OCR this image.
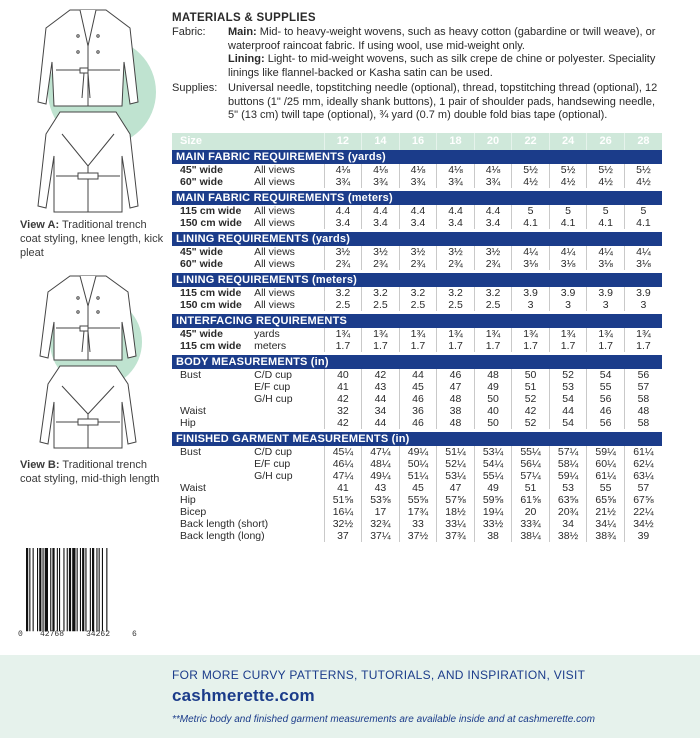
View A: Traditional trench coat styling, knee length, kick pleat
View B: Traditional trench coat styling, mid-thigh length
0 42768	34262	6
MATERIALS & SUPPLIES
Fabric:	Main: Mid- to heavy-weight wovens, such as heavy cotton (gabardine or twill weave), or waterproof raincoat fabric. If using wool, use mid-weight only.
Lining: Light- to mid-weight wovens, such as silk crepe de chine or polyester. Speciality linings like flannel-backed or Kasha satin can be used.
Supplies: Universal needle, topstitching needle (optional), thread, topstitching thread (optional), 12 buttons (1" /25 mm, ideally shank buttons), 1 pair of shoulder pads, handsewing needle, 5" (13 cm) twill tape (optional), ¾ yard (0.7 m) double fold bias tape (optional).
Size		12	14	16	18	20	22	24	26	28
MAIN FABRIC REQUIREMENTS (yards)										
45" wide	All views	4⅛	4⅛	4⅛	4⅛	4⅛	5½	5½	5½	5½
60" wide	All views	3¾	3¾	3¾	3¾	3¾	4½	4½	4½	4½

MAIN FABRIC REQUIREMENTS (meters)										
115 cm wide	All views	4.4	4.4	4.4	4.4	4.4	5	5	5	5
150 cm wide	All views	3.4	3.4	3.4	3.4	3.4	4.1	4.1	4.1	4.1

LINING REQUIREMENTS (yards)										
45" wide	All views	3½	3½	3½	3½	3½	4¼	4¼	4¼	4¼
60" wide	All views	2¾	2¾	2¾	2¾	2¾	3⅛	3⅛	3⅛	3⅛

LINING REQUIREMENTS (meters)										
115 cm wide	All views	3.2	3.2	3.2	3.2	3.2	3.9	3.9	3.9	3.9
150 cm wide	All views	2.5	2.5	2.5	2.5	2.5	3	3	3	3

INTERFACING REQUIREMENTS										
45" wide	yards	1¾	1¾	1¾	1¾	1¾	1¾	1¾	1¾	1¾
115 cm wide	meters	1.7	1.7	1.7	1.7	1.7	1.7	1.7	1.7	1.7

BODY MEASUREMENTS (in)										
Bust	C/D cup	40	42	44	46	48	50	52	54	56
	E/F cup	41	43	45	47	49	51	53	55	57
	G/H cup	42	44	46	48	50	52	54	56	58
Waist		32	34	36	38	40	42	44	46	48
Hip		42	44	46	48	50	52	54	56	58

FINISHED GARMENT MEASUREMENTS (in)										
Bust	C/D cup	45¼	47¼	49¼	51¼	53¼	55¼	57¼	59¼	61¼
	E/F cup	46¼	48¼	50¼	52¼	54¼	56¼	58¼	60¼	62¼
	G/H cup	47¼	49¼	51¼	53¼	55¼	57¼	59¼	61¼	63¼
Waist		41	43	45	47	49	51	53	55	57
Hip		51⅝	53⅝	55⅝	57⅝	59⅝	61⅝	63⅝	65⅝	67⅝
Bicep		16¼	17	17¾	18½	19¼	20	20¾	21½	22¼
Back length (short)		32½	32¾	33	33¼	33½	33¾	34	34¼	34½
Back length (long)		37	37¼	37½	37¾	38	38¼	38½	38¾	39
FOR MORE CURVY PATTERNS, TUTORIALS, AND INSPIRATION, VISIT
cashmerette.com
**Metric body and finished garment measurements are available inside and at cashmerette.com
